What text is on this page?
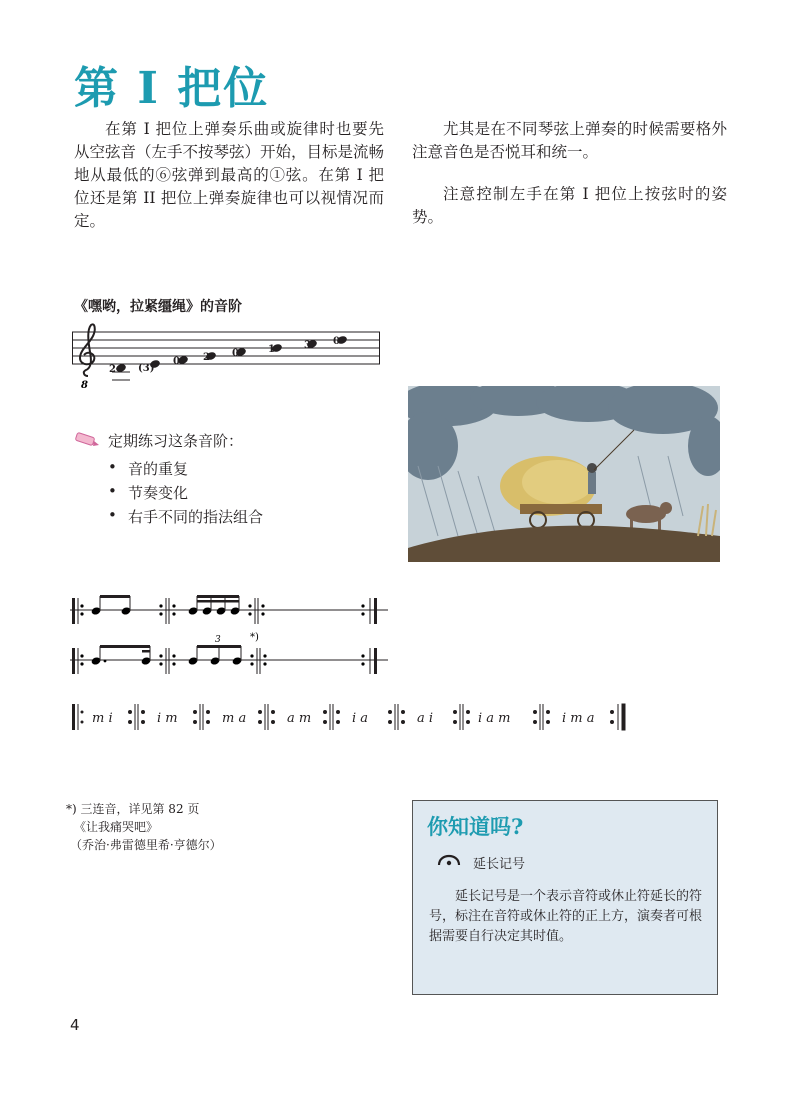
第 I 把位

在第 I 把位上弹奏乐曲或旋律时也要先从空弦音（左手不按琴弦）开始，目标是流畅地从最低的⑥弦弹到最高的①弦。在第 I 把位还是第 II 把位上弹奏旋律也可以视情况而定。

尤其是在不同琴弦上弹奏的时候需要格外注意音色是否悦耳和统一。

注意控制左手在第 I 把位上按弦时的姿势。

《嘿哟，拉紧缰绳》的音阶
8
2 (3)
0 2 0	1	3 0
定期练习这条音阶：
• 音的重复
• 节奏变化
• 右手不同的指法组合
3	*)
m i	i m	m a	a m	i a	a i	i a m	i m a
*) 三连音，详见第 82 页
《让我痛哭吧》
（乔治·弗雷德里希·亨德尔）
你知道吗?
延长记号

延长记号是一个表示音符或休止符延长的符号，标注在音符或休止符的正上方，演奏者可根据需要自行决定其时值。

4
